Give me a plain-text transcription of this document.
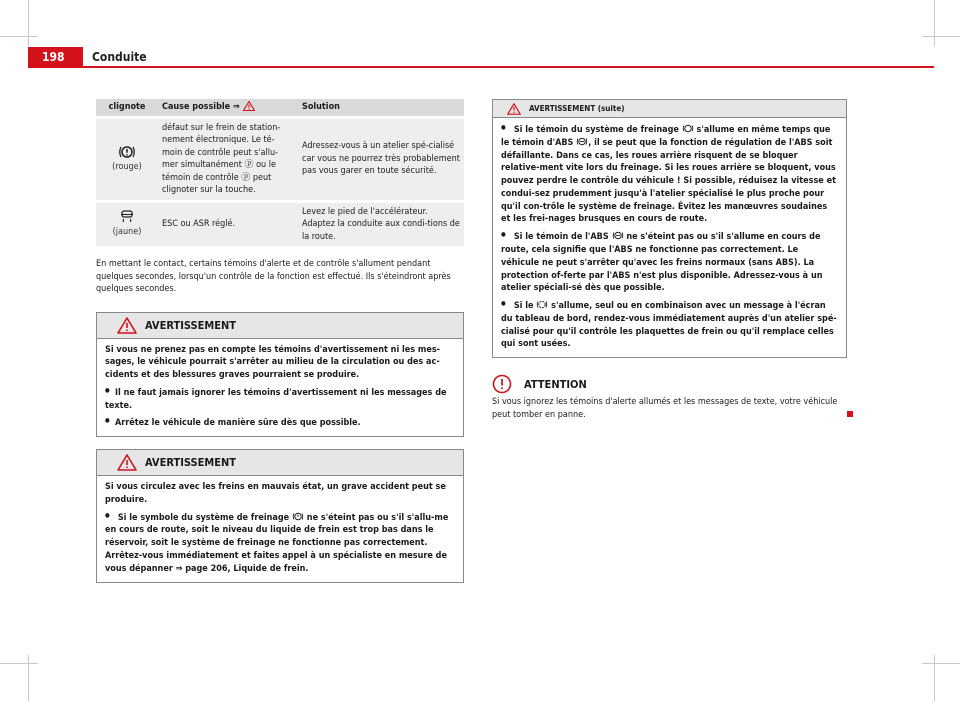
198	Conduite
clignote	Cause possible ⇒	Solution

(rouge)	défaut sur le frein de station-nement électronique. Le té-moin de contrôle peut s'allu-mer simultanément ⓟ ou le témoin de contrôle ⓟ peut clignoter sur la touche.	Adressez-vous à un atelier spé-cialisé car vous ne pourrez très probablement pas vous garer en toute sécurité.

(jaune)	ESC ou ASR réglé.	Levez le pied de l'accélérateur. Adaptez la conduite aux condi-tions de la route.

En mettant le contact, certains témoins d'alerte et de contrôle s'allument pendant quelques secondes, lorsqu'un contrôle de la fonction est effectué. Ils s'éteindront après quelques secondes.

AVERTISSEMENT

Si vous ne prenez pas en compte les témoins d'avertissement ni les mes-sages, le véhicule pourrait s'arrêter au milieu de la circulation ou des ac-cidents et des blessures graves pourraient se produire.

● Il ne faut jamais ignorer les témoins d'avertissement ni les messages de texte.

● Arrêtez le véhicule de manière sûre dès que possible.

AVERTISSEMENT

Si vous circulez avec les freins en mauvais état, un grave accident peut se produire.

● Si le symbole du système de freinage ne s'éteint pas ou s'il s'allu-me en cours de route, soit le niveau du liquide de frein est trop bas dans le réservoir, soit le système de freinage ne fonctionne pas correctement. Arrêtez-vous immédiatement et faites appel à un spécialiste en mesure de vous dépanner ⇒ page 206, Liquide de frein.

AVERTISSEMENT (suite)

● Si le témoin du système de freinage s'allume en même temps que le témoin d'ABS , il se peut que la fonction de régulation de l'ABS soit défaillante. Dans ce cas, les roues arrière risquent de se bloquer relative-ment vite lors du freinage. Si les roues arrière se bloquent, vous pouvez perdre le contrôle du véhicule ! Si possible, réduisez la vitesse et condui-sez prudemment jusqu'à l'atelier spécialisé le plus proche pour qu'il con-trôle le système de freinage. Évitez les manœuvres soudaines et les frei-nages brusques en cours de route.

● Si le témoin de l'ABS ne s'éteint pas ou s'il s'allume en cours de route, cela signifie que l'ABS ne fonctionne pas correctement. Le véhicule ne peut s'arrêter qu'avec les freins normaux (sans ABS). La protection of-ferte par l'ABS n'est plus disponible. Adressez-vous à un atelier spéciali-sé dès que possible.

● Si le s'allume, seul ou en combinaison avec un message à l'écran du tableau de bord, rendez-vous immédiatement auprès d'un atelier spé-cialisé pour qu'il contrôle les plaquettes de frein ou qu'il remplace celles qui sont usées.

ATTENTION

Si vous ignorez les témoins d'alerte allumés et les messages de texte, votre véhicule peut tomber en panne.
